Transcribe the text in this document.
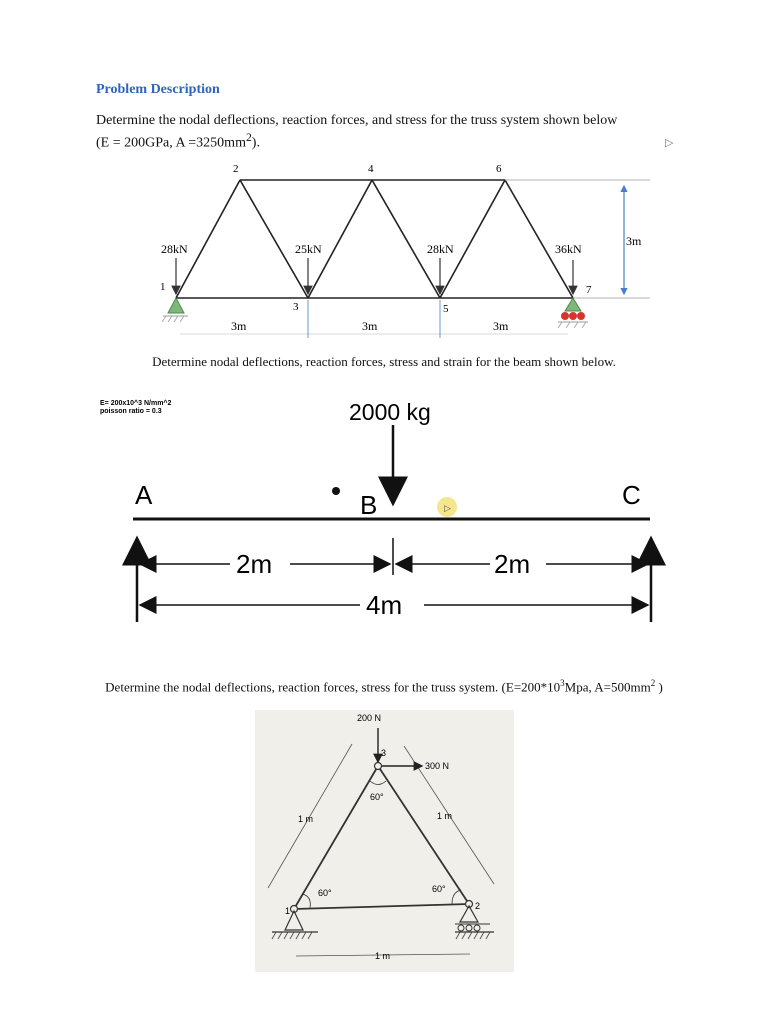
Problem Description
Determine the nodal deflections, reaction forces, and stress for the truss system shown below
(E = 200GPa, $A =3250mm^2$).	▷
3m
1
2
3
4
5
6
7
28kN	25kN	28kN	36kN
3m	3m	3m
Determine nodal deflections, reaction forces, stress and strain for the beam shown below.
E= 200x10^3 N/mm^2
poisson ratio = 0.3	2000 kg
A	B	C
▷
2m	2m
4m
Determine the nodal deflections, reaction forces, stress for the truss system. ($E=200*10^3Mpa$, $A=500mm^2$ )
200 N
300 N
3
1	2
60°
60°	60°
1 m	1 m
1 m
